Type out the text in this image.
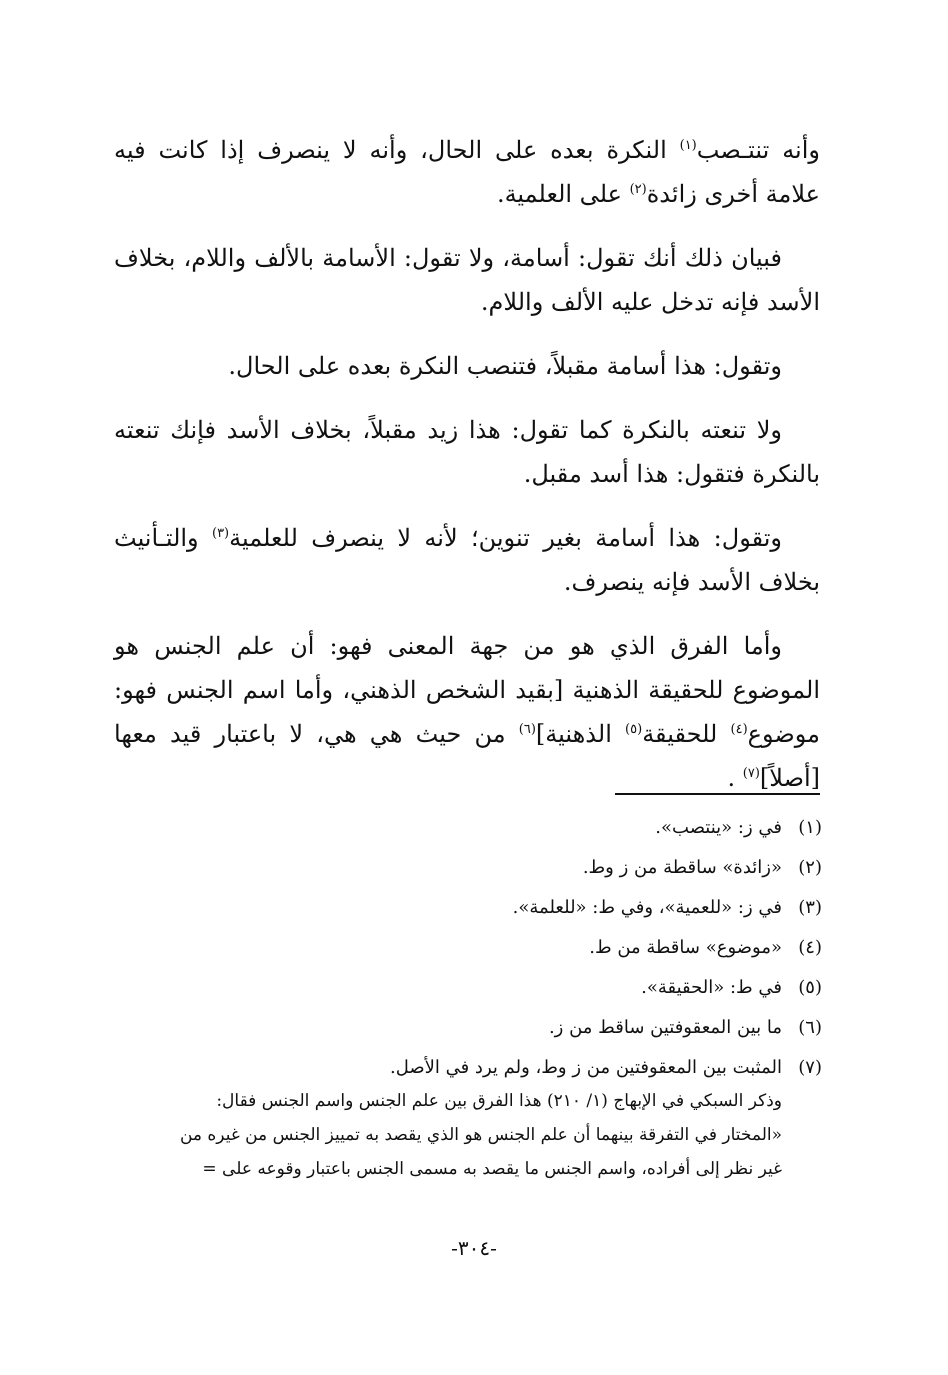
وأنه تنتـصب$^{(١)}$ النكرة بعده على الحال، وأنه لا ينصرف إذا كانت فيه علامة أخرى زائدة$^{(٢)}$ على العلمية.

فبيان ذلك أنك تقول: أسامة، ولا تقول: الأسامة بالألف واللام، بخلاف الأسد فإنه تدخل عليه الألف واللام.

وتقول: هذا أسامة مقبلاً، فتنصب النكرة بعده على الحال.

ولا تنعته بالنكرة كما تقول: هذا زيد مقبلاً، بخلاف الأسد فإنك تنعته بالنكرة فتقول: هذا أسد مقبل.

وتقول: هذا أسامة بغير تنوين؛ لأنه لا ينصرف للعلمية$^{(٣)}$ والتـأنيث بخلاف الأسد فإنه ينصرف.

وأما الفرق الذي هو من جهة المعنى فهو: أن علم الجنس هو الموضوع للحقيقة الذهنية [بقيد الشخص الذهني، وأما اسم الجنس فهو: موضوع$^{(٤)}$ للحقيقة$^{(٥)}$ الذهنية]$^{(٦)}$ من حيث هي هي، لا باعتبار قيد معها [أصلاً]$^{(٧)}$ .

(١)
في ز: «ينتصب».
(٢)
«زائدة» ساقطة من ز وط.
(٣)
في ز: «للعمية»، وفي ط: «للعلمة».
(٤)
«موضوع» ساقطة من ط.
(٥)
في ط: «الحقيقة».
(٦)
ما بين المعقوفتين ساقط من ز.
(٧)
المثبت بين المعقوفتين من ز وط، ولم يرد في الأصل.
وذكر السبكي في الإبهاج (١/ ٢١٠) هذا الفرق بين علم الجنس واسم الجنس فقال:
«المختار في التفرقة بينهما أن علم الجنس هو الذي يقصد به تمييز الجنس من غيره من
غير نظر إلى أفراده، واسم الجنس ما يقصد به مسمى الجنس باعتبار وقوعه على =
-٣٠٤-
